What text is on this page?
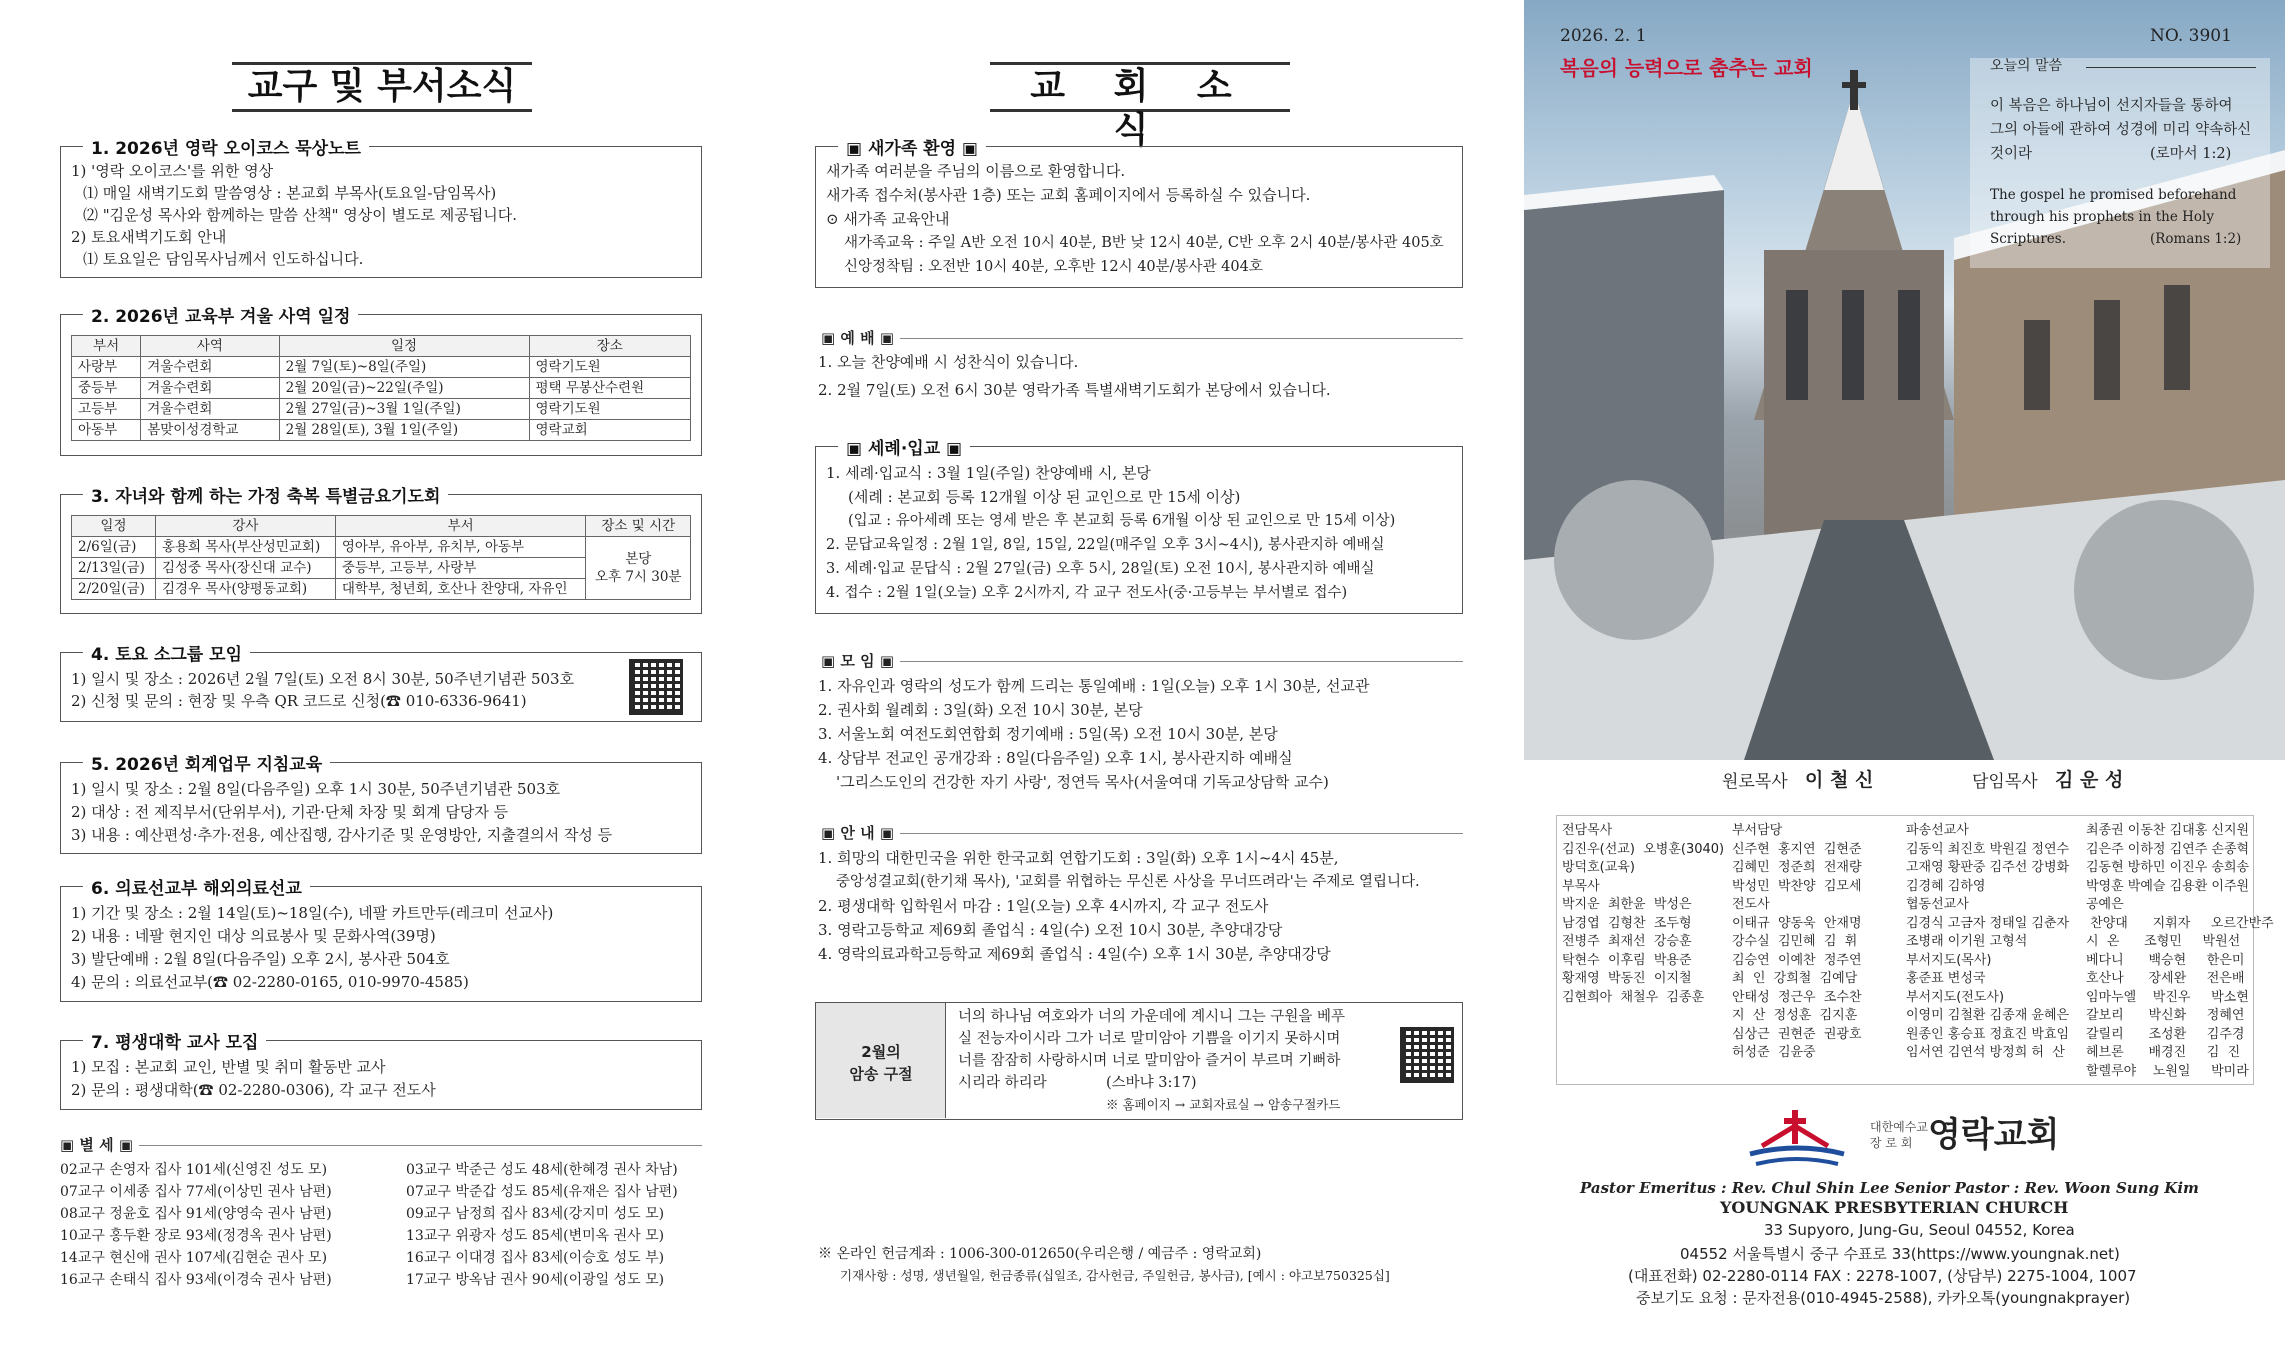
교구 및 부서소식
1. 2026년 영락 오이코스 묵상노트
1) '영락 오이코스'를 위한 영상
⑴ 매일 새벽기도회 말씀영상 : 본교회 부목사(토요일-담임목사)
⑵ "김운성 목사와 함께하는 말씀 산책" 영상이 별도로 제공됩니다.
2) 토요새벽기도회 안내
⑴ 토요일은 담임목사님께서 인도하십니다.
2. 2026년 교육부 겨울 사역 일정
부서	사역	일정	장소
사랑부	겨울수련회	2월 7일(토)~8일(주일)	영락기도원
중등부	겨울수련회	2월 20일(금)~22일(주일)	평택 무봉산수련원
고등부	겨울수련회	2월 27일(금)~3월 1일(주일)	영락기도원
아동부	봄맞이성경학교	2월 28일(토), 3월 1일(주일)	영락교회
3. 자녀와 함께 하는 가정 축복 특별금요기도회
일정	강사	부서	장소 및 시간
2/6일(금)	홍용희 목사(부산성민교회)	영아부, 유아부, 유치부, 아동부	본당
오후 7시 30분

2/13일(금)	김성중 목사(장신대 교수)	중등부, 고등부, 사랑부	
2/20일(금)	김경우 목사(양평동교회)	대학부, 청년회, 호산나 찬양대, 자유인	
4. 토요 소그룹 모임
1) 일시 및 장소 : 2026년 2월 7일(토) 오전 8시 30분, 50주년기념관 503호
2) 신청 및 문의 : 현장 및 우측 QR 코드로 신청(☎ 010-6336-9641)
5. 2026년 회계업무 지침교육
1) 일시 및 장소 : 2월 8일(다음주일) 오후 1시 30분, 50주년기념관 503호
2) 대상 : 전 제직부서(단위부서), 기관·단체 차장 및 회계 담당자 등
3) 내용 : 예산편성·추가·전용, 예산집행, 감사기준 및 운영방안, 지출결의서 작성 등
6. 의료선교부 해외의료선교
1) 기간 및 장소 : 2월 14일(토)~18일(수), 네팔 카트만두(레크미 선교사)
2) 내용 : 네팔 현지인 대상 의료봉사 및 문화사역(39명)
3) 발단예배 : 2월 8일(다음주일) 오후 2시, 봉사관 504호
4) 문의 : 의료선교부(☎ 02-2280-0165, 010-9970-4585)
7. 평생대학 교사 모집
1) 모집 : 본교회 교인, 반별 및 취미 활동반 교사
2) 문의 : 평생대학(☎ 02-2280-0306), 각 교구 전도사
▣ 별 세 ▣
02교구 손영자 집사 101세(신영진 성도 모)
07교구 이세종 집사 77세(이상민 권사 남편)
08교구 정윤호 집사 91세(양영숙 권사 남편)
10교구 홍두환 장로 93세(정경옥 권사 남편)
14교구 현신애 권사 107세(김현순 권사 모)
16교구 손태식 집사 93세(이경숙 권사 남편)
03교구 박준근 성도 48세(한혜경 권사 차남)
07교구 박준갑 성도 85세(유재은 집사 남편)
09교구 남정희 집사 83세(강지미 성도 모)
13교구 위광자 성도 85세(변미옥 권사 모)
16교구 이대경 집사 83세(이승호 성도 부)
17교구 방옥남 권사 90세(이광일 성도 모)
교 회 소 식
▣ 새가족 환영 ▣
새가족 여러분을 주님의 이름으로 환영합니다.
새가족 접수처(봉사관 1층) 또는 교회 홈페이지에서 등록하실 수 있습니다.
⊙ 새가족 교육안내
새가족교육 : 주일 A반 오전 10시 40분, B반 낮 12시 40분, C반 오후 2시 40분/봉사관 405호
신앙정착팀 : 오전반 10시 40분, 오후반 12시 40분/봉사관 404호
▣ 예 배 ▣
1. 오늘 찬양예배 시 성찬식이 있습니다.
2. 2월 7일(토) 오전 6시 30분 영락가족 특별새벽기도회가 본당에서 있습니다.
▣ 세례·입교 ▣
1. 세례·입교식 : 3월 1일(주일) 찬양예배 시, 본당
(세례 : 본교회 등록 12개월 이상 된 교인으로 만 15세 이상)
(입교 : 유아세례 또는 영세 받은 후 본교회 등록 6개월 이상 된 교인으로 만 15세 이상)
2. 문답교육일정 : 2월 1일, 8일, 15일, 22일(매주일 오후 3시~4시), 봉사관지하 예배실
3. 세례·입교 문답식 : 2월 27일(금) 오후 5시, 28일(토) 오전 10시, 봉사관지하 예배실
4. 접수 : 2월 1일(오늘) 오후 2시까지, 각 교구 전도사(중·고등부는 부서별로 접수)
▣ 모 임 ▣
1. 자유인과 영락의 성도가 함께 드리는 통일예배 : 1일(오늘) 오후 1시 30분, 선교관
2. 권사회 월례회 : 3일(화) 오전 10시 30분, 본당
3. 서울노회 여전도회연합회 정기예배 : 5일(목) 오전 10시 30분, 본당
4. 상담부 전교인 공개강좌 : 8일(다음주일) 오후 1시, 봉사관지하 예배실
'그리스도인의 건강한 자기 사랑', 정연득 목사(서울여대 기독교상담학 교수)
▣ 안 내 ▣
1. 희망의 대한민국을 위한 한국교회 연합기도회 : 3일(화) 오후 1시~4시 45분,
중앙성결교회(한기채 목사), '교회를 위협하는 무신론 사상을 무너뜨려라'는 주제로 열립니다.
2. 평생대학 입학원서 마감 : 1일(오늘) 오후 4시까지, 각 교구 전도사
3. 영락고등학교 제69회 졸업식 : 4일(수) 오전 10시 30분, 추양대강당
4. 영락의료과학고등학교 제69회 졸업식 : 4일(수) 오후 1시 30분, 추양대강당
2월의
암송 구절
너의 하나님 여호와가 너의 가운데에 계시니 그는 구원을 베푸
실 전능자이시라 그가 너로 말미암아 기쁨을 이기지 못하시며
너를 잠잠히 사랑하시며 너로 말미암아 즐거이 부르며 기뻐하
시리라 하리라	(스바냐 3:17)
※ 홈페이지 → 교회자료실 → 암송구절카드
※ 온라인 헌금계좌 : 1006-300-012650(우리은행 / 예금주 : 영락교회)
기재사항 : 성명, 생년월일, 헌금종류(십일조, 감사헌금, 주일헌금, 봉사금), [예시 : 야고보750325십]
2026. 2. 1	NO. 3901
복음의 능력으로 춤추는 교회	오늘의 말씀
이 복음은 하나님이 선지자들을 통하여
그의 아들에 관하여 성경에 미리 약속하신
것이라	(로마서 1:2)
The gospel he promised beforehand
through his prophets in the Holy
Scriptures.	(Romans 1:2)
원로목사 이 철 신	담임목사 김 운 성
전담목사
김진우(선교)  오병훈(3040)
방덕호(교육)
부목사
박지운  최한윤  박성은
남경엽  김형찬  조두형
전병주  최재선  강승훈
탁현수  이후림  박용준
황재영  박동진  이지철
김현희아  채철우  김종훈
부서담당
신주현  홍지연  김현준
김혜민  정준희  전재량
박성민  박찬양  김모세
전도사
이태규  양동욱  안재명
강수실  김민혜  김  휘
김승연  이예찬  정주연
최  인  강희철  김예담
안태성  정근우  조수찬
지  산  정성훈  김지훈
심상근  권현준  권광호
허성준  김윤중
파송선교사
김동익 최진호 박원길 정연수
고재영 황판중 김주선 강병화
김경혜 김하영
협동선교사
김경식 고금자 정태일 김춘자
조병래 이기원 고형석
부서지도(목사)
홍준표 변성국
부서지도(전도사)
이영미 김철환 김종재 윤혜은
원종인 홍승표 정효진 박효임
임서연 김연석 방정희 허  산
최종권 이동찬 김대홍 신지원
김은주 이하정 김연주 손종혁
김동현 방하민 이진우 송희송
박영훈 박예슬 김용환 이주원
공예은
찬양대      지휘자     오르간반주
시  온      조형민     박원선
베다니      백승현     한은미
호산나      장세완     전은배
임마누엘    박진우     박소현
갈보리      박신화     정혜연
갈릴리      조성환     김주경
헤브론      배경진     김  진
할렐루야    노원일     박미라
대한예수교
장 로 회 영락교회
Pastor Emeritus : Rev. Chul Shin Lee Senior Pastor : Rev. Woon Sung Kim
YOUNGNAK PRESBYTERIAN CHURCH
33 Supyoro, Jung-Gu, Seoul 04552, Korea
04552 서울특별시 중구 수표로 33(https://www.youngnak.net)
(대표전화) 02-2280-0114 FAX : 2278-1007, (상담부) 2275-1004, 1007
중보기도 요청 : 문자전용(010-4945-2588), 카카오톡(youngnakprayer)
